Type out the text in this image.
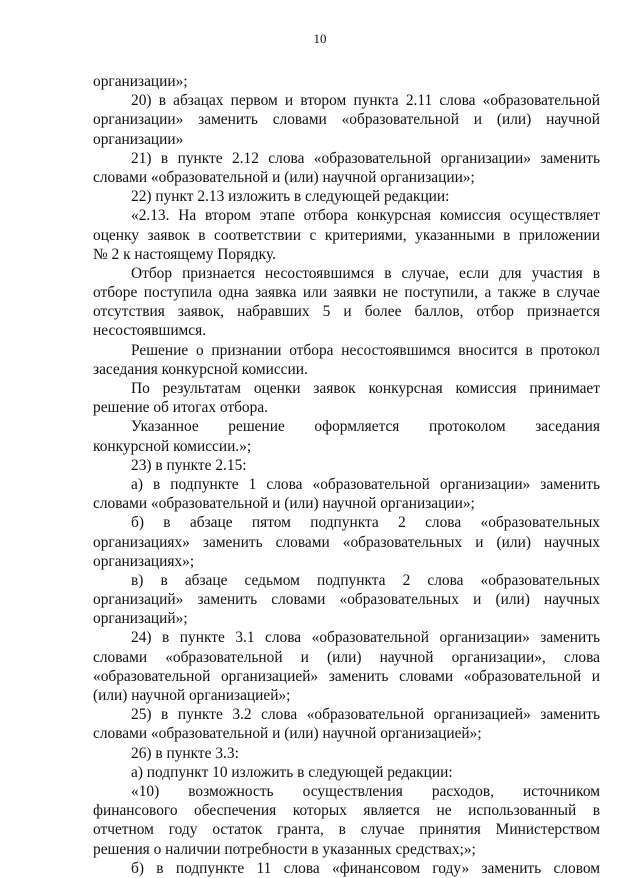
10
организации»;
20) в абзацах первом и втором пункта 2.11 слова «образовательной
организации» заменить словами «образовательной и (или) научной
организации»
21) в пункте 2.12 слова «образовательной организации» заменить
словами «образовательной и (или) научной организации»;
22) пункт 2.13 изложить в следующей редакции:
«2.13. На втором этапе отбора конкурсная комиссия осуществляет
оценку заявок в соответствии с критериями, указанными в приложении
№ 2 к настоящему Порядку.
Отбор признается несостоявшимся в случае, если для участия в
отборе поступила одна заявка или заявки не поступили, а также в случае
отсутствия заявок, набравших 5 и более баллов, отбор признается
несостоявшимся.
Решение о признании отбора несостоявшимся вносится в протокол
заседания конкурсной комиссии.
По результатам оценки заявок конкурсная комиссия принимает
решение об итогах отбора.
Указанное решение оформляется протоколом заседания
конкурсной комиссии.»;
23) в пункте 2.15:
а) в подпункте 1 слова «образовательной организации» заменить
словами «образовательной и (или) научной организации»;
б) в абзаце пятом подпункта 2 слова «образовательных
организациях» заменить словами «образовательных и (или) научных
организациях»;
в) в абзаце седьмом подпункта 2 слова «образовательных
организаций» заменить словами «образовательных и (или) научных
организаций»;
24) в пункте 3.1 слова «образовательной организации» заменить
словами «образовательной и (или) научной организации», слова
«образовательной организацией» заменить словами «образовательной и
(или) научной организацией»;
25) в пункте 3.2 слова «образовательной организацией» заменить
словами «образовательной и (или) научной организацией»;
26) в пункте 3.3:
а) подпункт 10 изложить в следующей редакции:
«10) возможность осуществления расходов, источником
финансового обеспечения которых является не использованный в
отчетном году остаток гранта, в случае принятия Министерством
решения о наличии потребности в указанных средствах;»;
б) в подпункте 11 слова «финансовом году» заменить словом
